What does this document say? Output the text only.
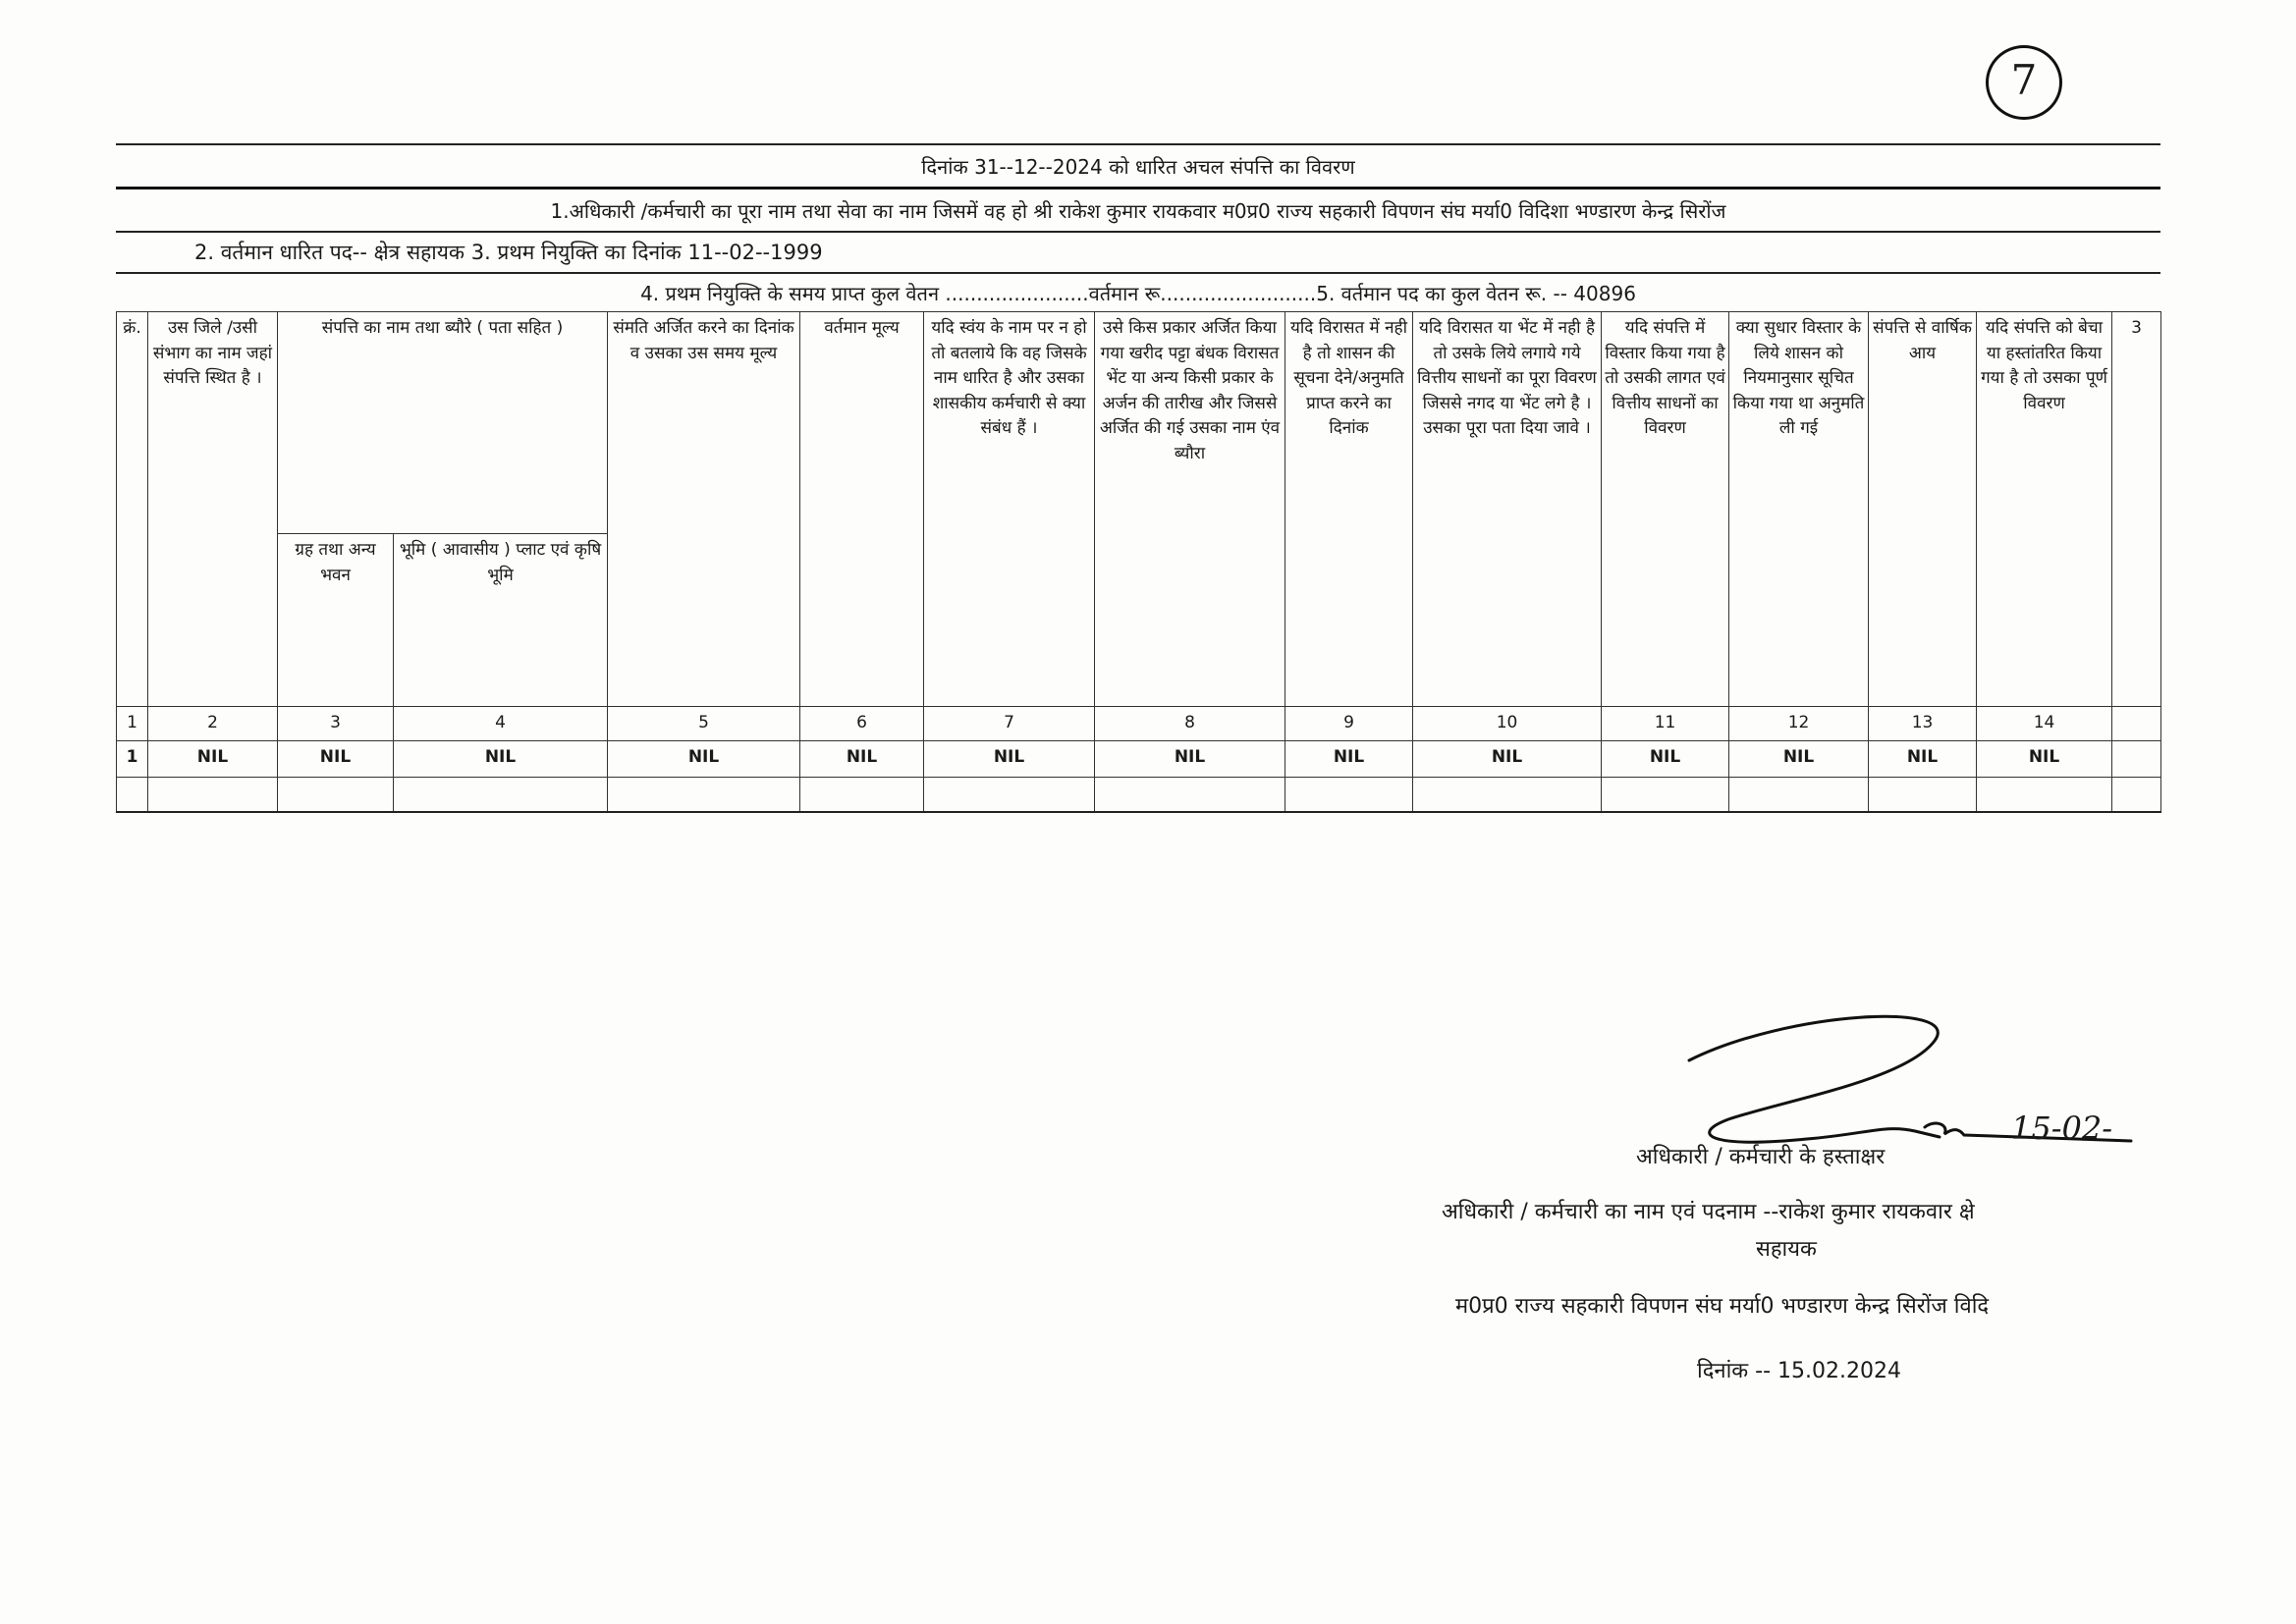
7
दिनांक 31--12--2024 को धारित अचल संपत्ति का विवरण
1.अधिकारी /कर्मचारी का पूरा नाम तथा सेवा का नाम जिसमें वह हो श्री राकेश कुमार रायकवार म0प्र0 राज्य सहकारी विपणन संघ मर्या0 विदिशा भण्डारण केन्द्र सिरोंज
2. वर्तमान धारित पद-- क्षेत्र सहायक 3. प्रथम नियुक्ति का दिनांक 11--02--1999
4. प्रथम नियुक्ति के समय प्राप्त कुल वेतन ....................... वर्तमान रू......................... 5. वर्तमान पद का कुल वेतन रू. -- 40896
क्रं.	उस जिले /उसी संभाग का नाम जहां संपत्ति स्थित है ।	संपत्ति का नाम तथा ब्यौरे ( पता सहित )		संमति अर्जित करने का दिनांक व उसका उस समय मूल्य	वर्तमान मूल्य	यदि स्वंय के नाम पर न हो तो बतलाये कि वह जिसके नाम धारित है और उसका शासकीय कर्मचारी से क्या संबंध हैं ।	उसे किस प्रकार अर्जित किया गया खरीद पट्टा बंधक विरासत भेंट या अन्य किसी प्रकार के अर्जन की तारीख और जिससे अर्जित की गई उसका नाम एंव ब्यौरा	यदि विरासत में नही है तो शासन की सूचना देने/अनुमति प्राप्त करने का दिनांक	यदि विरासत या भेंट में नही है तो उसके लिये लगाये गये वित्तीय साधनों का पूरा विवरण जिससे नगद या भेंट लगे है । उसका पूरा पता दिया जावे ।	यदि संपत्ति में विस्तार किया गया है तो उसकी लागत एवं वित्तीय साधनों का विवरण	क्या सुधार विस्तार के लिये शासन को नियमानुसार सूचित किया गया था अनुमति ली गई	संपत्ति से वार्षिक आय	यदि संपत्ति को बेचा या हस्तांतरित किया गया है तो उसका पूर्ण विवरण	3
		ग्रह तथा अन्य भवन	भूमि ( आवासीय ) प्लाट एवं कृषि भूमि											
1	2	3	4	5	6	7	8	9	10	11	12	13	14	
1	NIL	NIL	NIL	NIL	NIL	NIL	NIL	NIL	NIL	NIL	NIL	NIL	NIL	

15-02-
अधिकारी / कर्मचारी के हस्ताक्षर
अधिकारी / कर्मचारी का नाम एवं पदनाम --राकेश कुमार रायकवार क्षे
सहायक
म0प्र0 राज्य सहकारी विपणन संघ मर्या0 भण्डारण केन्द्र सिरोंज विदि
दिनांक -- 15.02.2024
